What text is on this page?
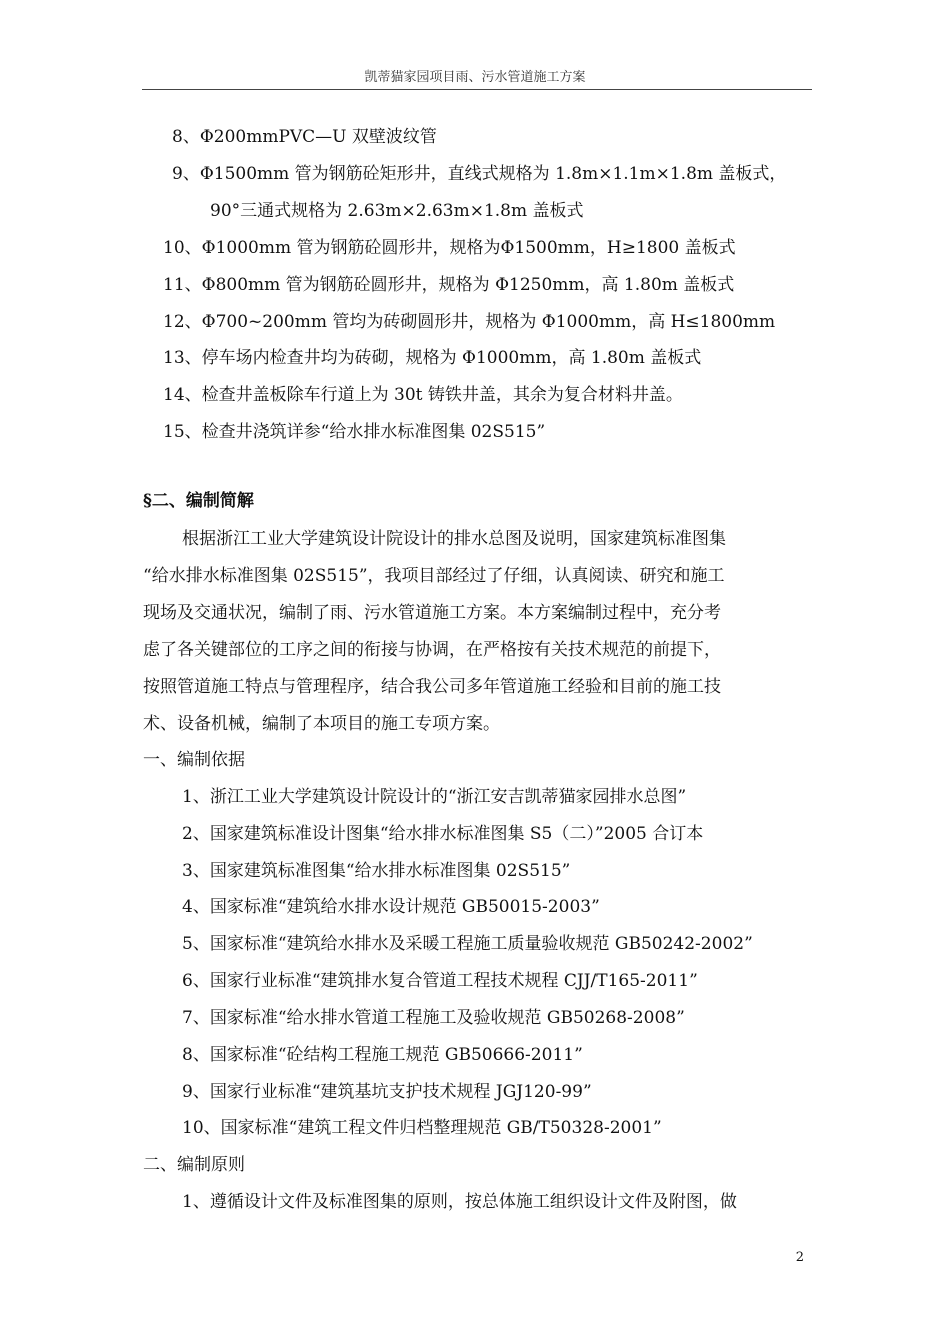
凯蒂猫家园项目雨、污水管道施工方案
8、Φ200mmPVC—U 双壁波纹管
9、Φ1500mm 管为钢筋砼矩形井，直线式规格为 1.8m×1.1m×1.8m 盖板式，
90°三通式规格为 2.63m×2.63m×1.8m 盖板式
10、Φ1000mm 管为钢筋砼圆形井，规格为Φ1500mm，H≥1800 盖板式
11、Φ800mm 管为钢筋砼圆形井，规格为 Φ1250mm，高 1.80m 盖板式
12、Φ700~200mm 管均为砖砌圆形井，规格为 Φ1000mm，高 H≤1800mm
13、停车场内检查井均为砖砌，规格为 Φ1000mm，高 1.80m 盖板式
14、检查井盖板除车行道上为 30t 铸铁井盖，其余为复合材料井盖。
15、检查井浇筑详参“给水排水标准图集 02S515”
§二、编制简解
根据浙江工业大学建筑设计院设计的排水总图及说明，国家建筑标准图集
“给水排水标准图集 02S515”，我项目部经过了仔细，认真阅读、研究和施工
现场及交通状况，编制了雨、污水管道施工方案。本方案编制过程中，充分考
虑了各关键部位的工序之间的衔接与协调，在严格按有关技术规范的前提下，
按照管道施工特点与管理程序，结合我公司多年管道施工经验和目前的施工技
术、设备机械，编制了本项目的施工专项方案。
一、编制依据
1、浙江工业大学建筑设计院设计的“浙江安吉凯蒂猫家园排水总图”
2、国家建筑标准设计图集“给水排水标准图集 S5（二）”2005 合订本
3、国家建筑标准图集“给水排水标准图集 02S515”
4、国家标准“建筑给水排水设计规范 GB50015-2003”
5、国家标准“建筑给水排水及采暖工程施工质量验收规范 GB50242-2002”
6、国家行业标准“建筑排水复合管道工程技术规程 CJJ/T165-2011”
7、国家标准“给水排水管道工程施工及验收规范 GB50268-2008”
8、国家标准“砼结构工程施工规范 GB50666-2011”
9、国家行业标准“建筑基坑支护技术规程 JGJ120-99”
10、国家标准“建筑工程文件归档整理规范 GB/T50328-2001”
二、编制原则
1、遵循设计文件及标准图集的原则，按总体施工组织设计文件及附图，做
2
